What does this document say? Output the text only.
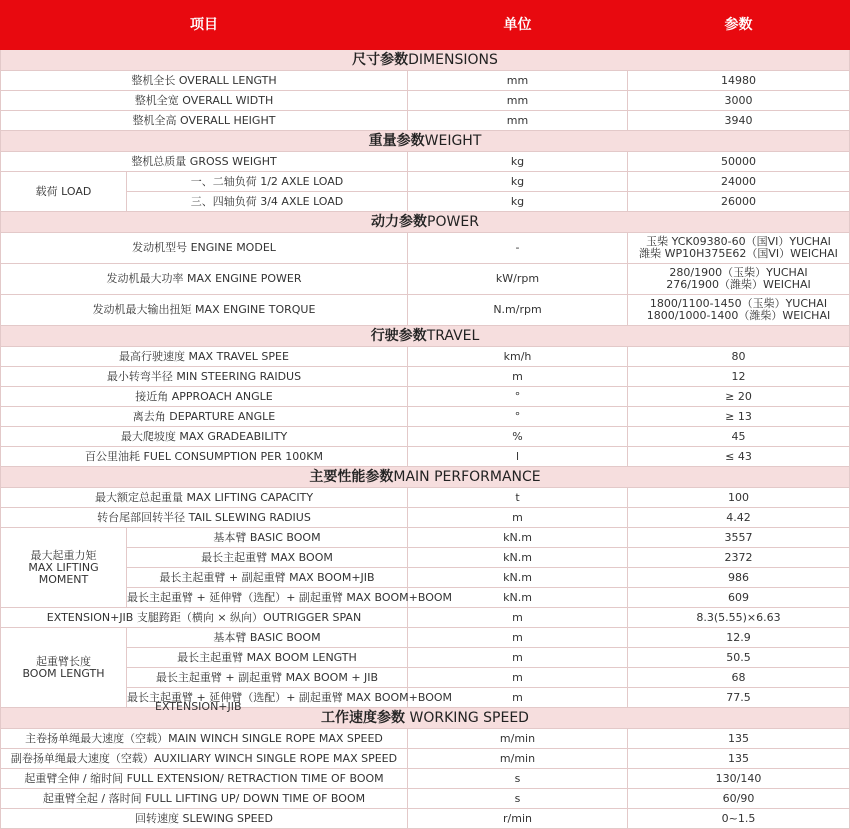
项目		单位	参数
尺寸参数DIMENSIONS			
整机全长 OVERALL LENGTH		mm	14980
整机全宽 OVERALL WIDTH		mm	3000
整机全高 OVERALL HEIGHT		mm	3940
重量参数WEIGHT			
整机总质量 GROSS WEIGHT		kg	50000
载荷 LOAD	一、二轴负荷 1/2 AXLE LOAD	kg	24000
	三、四轴负荷 3/4 AXLE LOAD	kg	26000
动力参数POWER			
发动机型号 ENGINE MODEL		-	玉柴 YCK09380-60（国VI）YUCHAI
潍柴 WP10H375E62（国VI）WEICHAI

发动机最大功率 MAX ENGINE POWER		kW/rpm	280/1900（玉柴）YUCHAI
276/1900（潍柴）WEICHAI

发动机最大输出扭矩 MAX ENGINE TORQUE		N.m/rpm	1800/1100-1450（玉柴）YUCHAI
1800/1000-1400（潍柴）WEICHAI

行驶参数TRAVEL			
最高行驶速度 MAX TRAVEL SPEE		km/h	80
最小转弯半径 MIN STEERING RAIDUS		m	12
接近角 APPROACH ANGLE		°	≥ 20
离去角 DEPARTURE ANGLE		°	≥ 13
最大爬坡度 MAX GRADEABILITY		%	45
百公里油耗 FUEL CONSUMPTION PER 100KM		l	≤ 43
主要性能参数MAIN PERFORMANCE			
最大额定总起重量 MAX LIFTING CAPACITY		t	100
转台尾部回转半径 TAIL SLEWING RADIUS		m	4.42

最大起重力矩
MAX LIFTING
MOMENT	基本臂 BASIC BOOM	kN.m	3557
	最长主起重臂 MAX BOOM	kN.m	2372
	最长主起重臂 + 副起重臂 MAX BOOM+JIB	kN.m	986
	最长主起重臂 + 延伸臂（选配）+ 副起重臂 MAX BOOM+BOOM	kN.m	609
EXTENSION+JIB 支腿跨距（横向 × 纵向）OUTRIGGER SPAN		m	8.3(5.55)×6.63

起重臂长度
BOOM LENGTH	基本臂 BASIC BOOM	m	12.9
	最长主起重臂 MAX BOOM LENGTH	m	50.5
	最长主起重臂 + 副起重臂 MAX BOOM + JIB	m	68
	最长主起重臂 + 延伸臂（选配）+ 副起重臂 MAX BOOM+BOOM
EXTENSION+JIB	m	77.5
工作速度参数 WORKING SPEED			
主卷扬单绳最大速度（空载）MAIN WINCH SINGLE ROPE MAX SPEED		m/min	135
副卷扬单绳最大速度（空载）AUXILIARY WINCH SINGLE ROPE MAX SPEED		m/min	135
起重臂全伸 / 缩时间 FULL EXTENSION/ RETRACTION TIME OF BOOM		s	130/140
起重臂全起 / 落时间 FULL LIFTING UP/ DOWN TIME OF BOOM		s	60/90
回转速度 SLEWING SPEED		r/min	0~1.5
